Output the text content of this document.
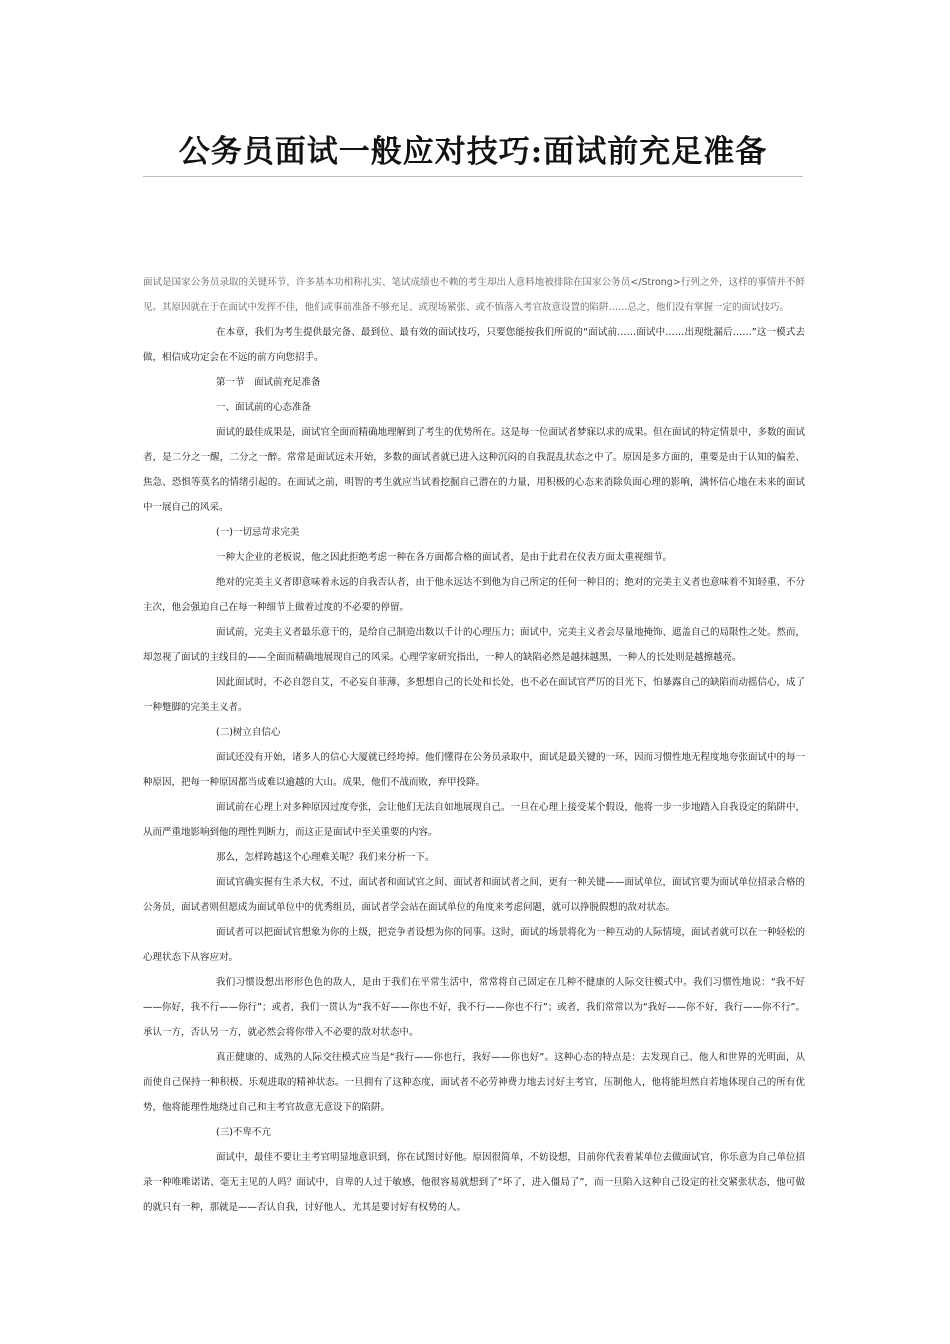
公务员面试一般应对技巧:面试前充足准备

面试是国家公务员录取的关键环节，许多基本功相称扎实、笔试成绩也不赖的考生却出人意料地被排除在国家公务员</Strong>行列之外，这样的事情并不鲜见。其原因就在于在面试中发挥不佳，他们或事前准备不够充足、或现场紧张、或不慎落入考官故意设置的陷阱……总之，他们没有掌握一定的面试技巧。

在本章，我们为考生提供最完备、最到位、最有效的面试技巧，只要您能按我们所说的“面试前……面试中……出现纰漏后……”这一模式去做，相信成功定会在不远的前方向您招手。

第一节　面试前充足准备

一、面试前的心态准备

面试的最佳成果是，面试官全面而精确地理解到了考生的优势所在。这是每一位面试者梦寐以求的成果。但在面试的特定情景中，多数的面试者，是二分之一醒，二分之一醉。常常是面试远未开始，多数的面试者就已进入这种沉闷的自我混乱状态之中了。原因是多方面的，重要是由于认知的偏差、焦急、恐惧等莫名的情绪引起的。在面试之前，明智的考生就应当试着挖掘自己潜在的力量，用积极的心态来消除负面心理的影响，满怀信心地在未来的面试中一展自己的风采。

(一)一切忌苛求完美

一种大企业的老板说，他之因此拒绝考虑一种在各方面都合格的面试者，是由于此君在仪表方面太重视细节。

绝对的完美主义者即意味着永远的自我否认者，由于他永远达不到他为自己所定的任何一种目的；绝对的完美主义者也意味着不知轻重、不分主次，他会强迫自己在每一种细节上做着过度的不必要的停留。

面试前，完美主义者最乐意干的，是给自己制造出数以千计的心理压力；面试中，完美主义者会尽量地掩饰、遮盖自己的局限性之处。然而，却忽视了面试的主线目的——全面而精确地展现自己的风采。心理学家研究指出，一种人的缺陷必然是越抹越黑，一种人的长处则是越擦越亮。

因此面试时，不必自怨自艾，不必妄自菲薄，多想想自己的长处和长处，也不必在面试官严厉的目光下，怕暴露自己的缺陷而动摇信心，成了一种蹩脚的完美主义者。

(二)树立自信心

面试还没有开始，诸多人的信心大厦就已经垮掉。他们懂得在公务员录取中，面试是最关键的一环，因而习惯性地无程度地夸张面试中的每一种原因，把每一种原因都当成难以逾越的大山。成果，他们不战而败，弃甲投降。

面试前在心理上对多种原因过度夸张，会让他们无法自如地展现自己。一旦在心理上接受某个假设，他将一步一步地踏入自我设定的陷阱中，从而严重地影响到他的理性判断力，而这正是面试中至关重要的内容。

那么，怎样跨越这个心理难关呢？我们来分析一下。

面试官确实握有生杀大权，不过，面试者和面试官之间、面试者和面试者之间，更有一种关键——面试单位，面试官要为面试单位招录合格的公务员，面试者则但愿成为面试单位中的优秀组员，面试者学会站在面试单位的角度来考虑问题，就可以挣脱假想的敌对状态。

面试者可以把面试官想象为你的上级，把竞争者设想为你的同事。这时，面试的场景将化为一种互动的人际情境，面试者就可以在一种轻松的心理状态下从容应对。

我们习惯设想出形形色色的敌人，是由于我们在平常生活中，常常将自己固定在几种不健康的人际交往模式中。我们习惯性地说：“我不好——你好，我不行——你行”；或者，我们一贯认为“我不好——你也不好，我不行——你也不行”；或者，我们常常以为“我好——你不好，我行——你不行”。承认一方，否认另一方，就必然会将你带入不必要的敌对状态中。

真正健康的、成熟的人际交往模式应当是“我行——你也行，我好——你也好”。这种心态的特点是：去发现自己、他人和世界的光明面，从而使自己保持一种积极、乐观进取的精神状态。一旦拥有了这种态度，面试者不必劳神费力地去讨好主考官，压制他人，他将能坦然自若地体现自己的所有优势，他将能理性地绕过自己和主考官故意无意设下的陷阱。

(三)不卑不亢

面试中，最佳不要让主考官明显地意识到，你在试图讨好他。原因很简单，不妨设想，目前你代表着某单位去做面试官，你乐意为自己单位招录一种唯唯诺诺、毫无主见的人吗？面试中，自卑的人过于敏感，他很容易就想到了“坏了，进入僵局了”，而一旦陷入这种自己设定的社交紧张状态，他可做的就只有一种，那就是——否认自我，讨好他人，尤其是要讨好有权势的人。
